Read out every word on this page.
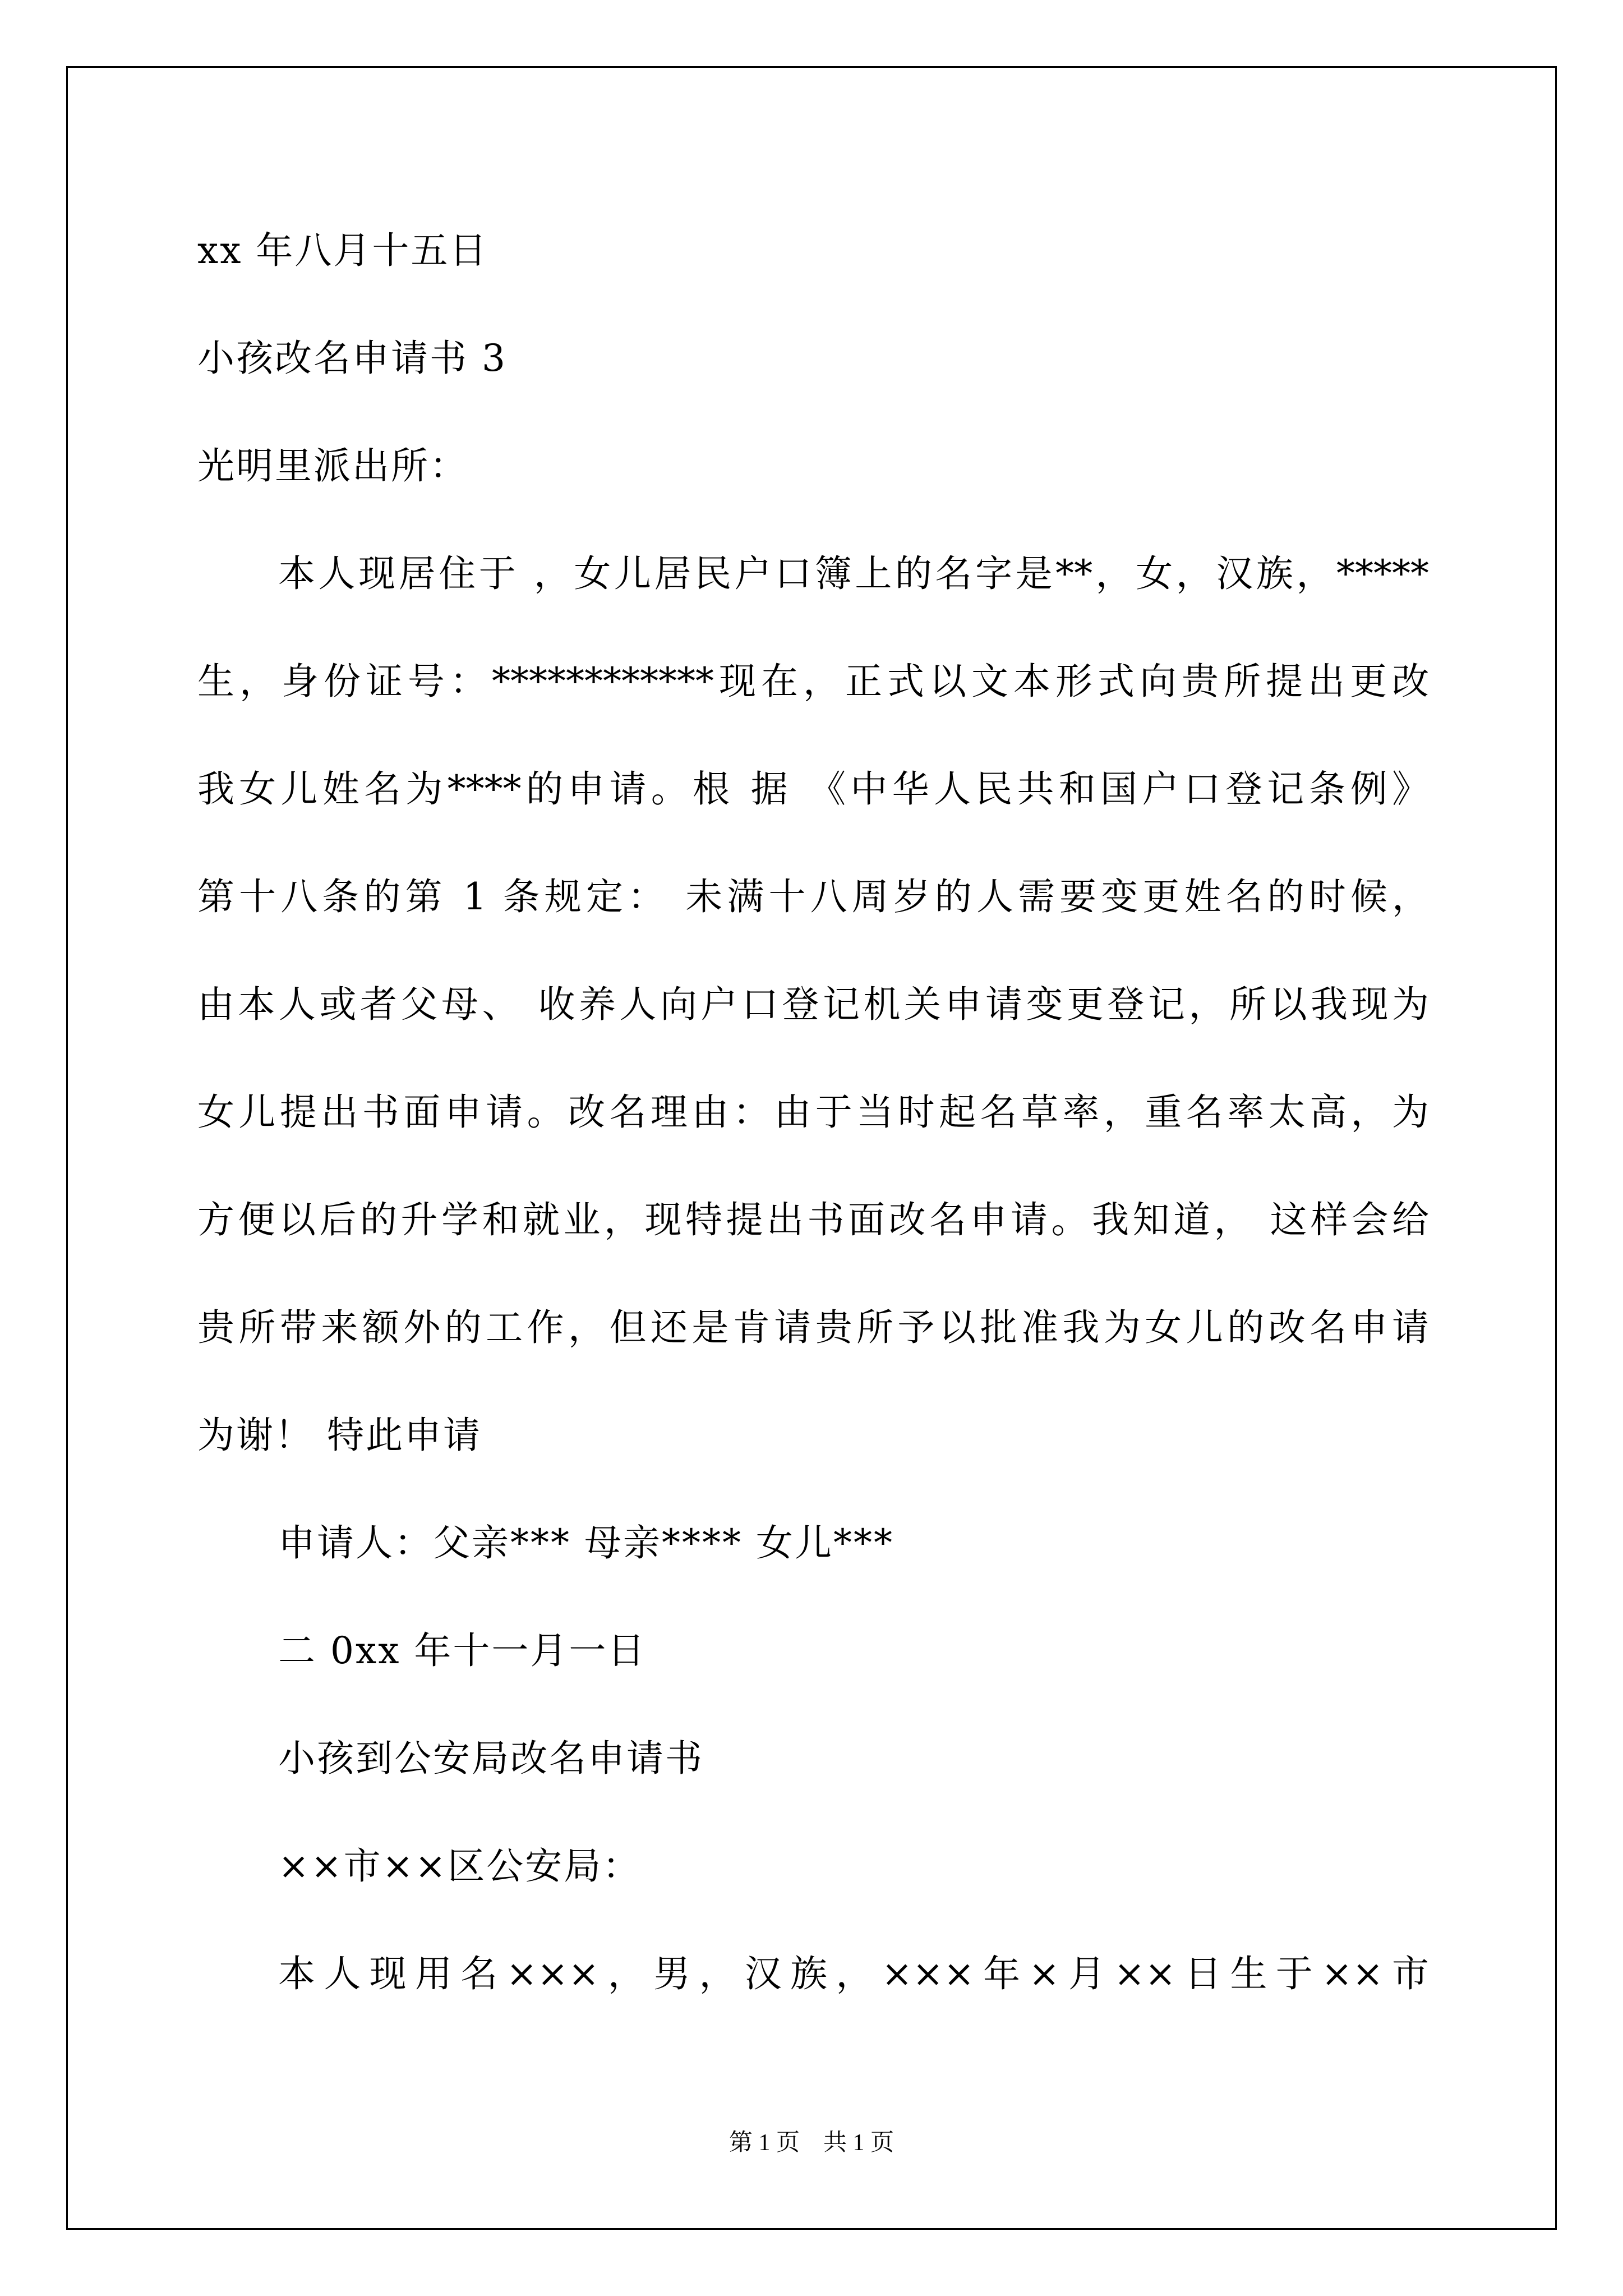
xx 年八月十五日
小孩改名申请书 3
光明里派出所：
本人现居住于 ，女儿居民户口簿上的名字是**，女，汉族，*****
生，身份证号：************现在，正式以文本形式向贵所提出更改
我女儿姓名为****的申请。根 据 《中华人民共和国户口登记条例》
第十八条的第 1 条规定： 未满十八周岁的人需要变更姓名的时候，
由本人或者父母、 收养人向户口登记机关申请变更登记，所以我现为
女儿提出书面申请。改名理由：由于当时起名草率，重名率太高，为
方便以后的升学和就业，现特提出书面改名申请。我知道， 这样会给
贵所带来额外的工作，但还是肯请贵所予以批准我为女儿的改名申请
为谢！ 特此申请
申请人：父亲*** 母亲**** 女儿***
二 0xx 年十一月一日
小孩到公安局改名申请书
××市××区公安局：
本人现用名×××，男，汉族，×××年×月××日生于××市
第 1 页　共 1 页
